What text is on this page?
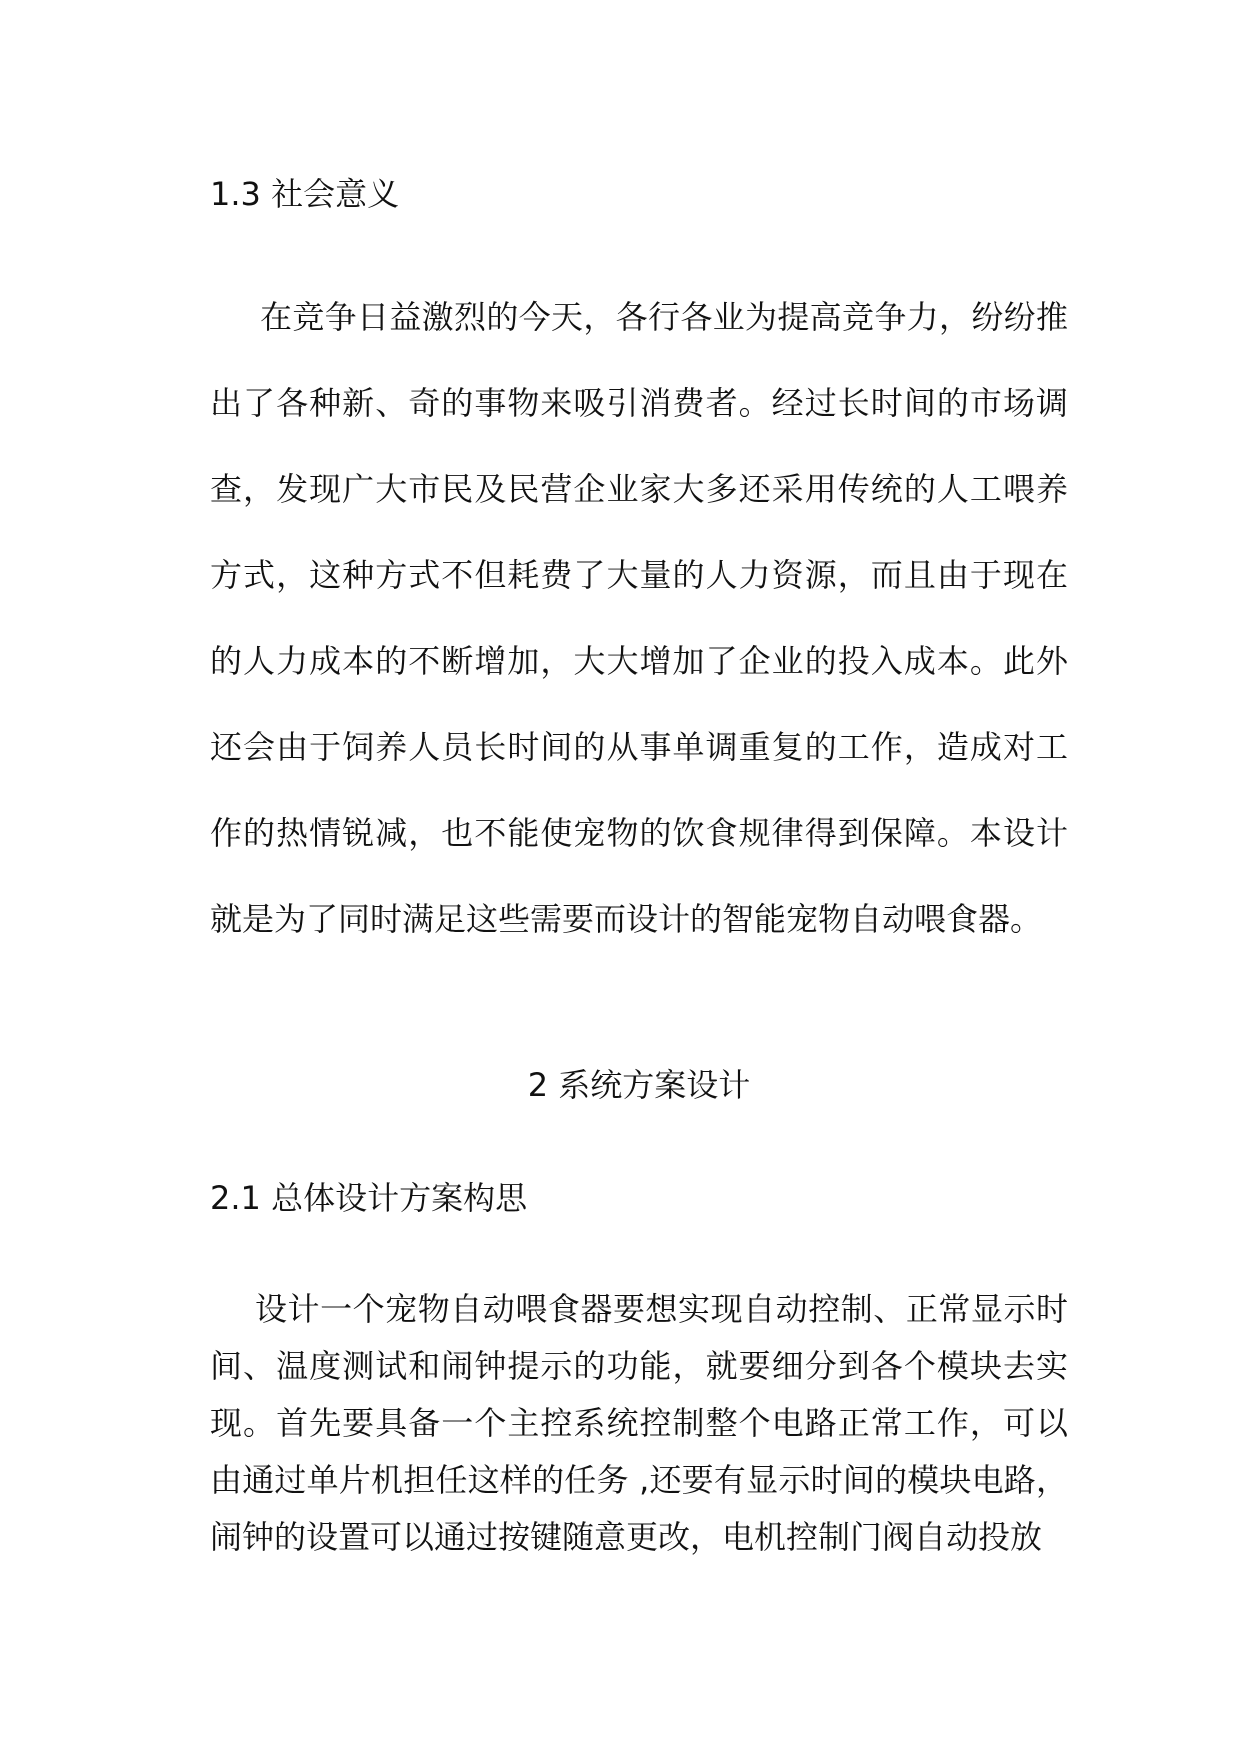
1.3 社会意义

在竞争日益激烈的今天，各行各业为提高竞争力，纷纷推出了各种新、奇的事物来吸引消费者。经过长时间的市场调查，发现广大市民及民营企业家大多还采用传统的人工喂养方式，这种方式不但耗费了大量的人力资源，而且由于现在的人力成本的不断增加，大大增加了企业的投入成本。此外还会由于饲养人员长时间的从事单调重复的工作，造成对工作的热情锐减，也不能使宠物的饮食规律得到保障。本设计就是为了同时满足这些需要而设计的智能宠物自动喂食器。

2 系统方案设计
2.1 总体设计方案构思

设计一个宠物自动喂食器要想实现自动控制、正常显示时间、温度测试和闹钟提示的功能，就要细分到各个模块去实现。首先要具备一个主控系统控制整个电路正常工作，可以由通过单片机担任这样的任务 ,还要有显示时间的模块电路，闹钟的设置可以通过按键随意更改，电机控制门阀自动投放
